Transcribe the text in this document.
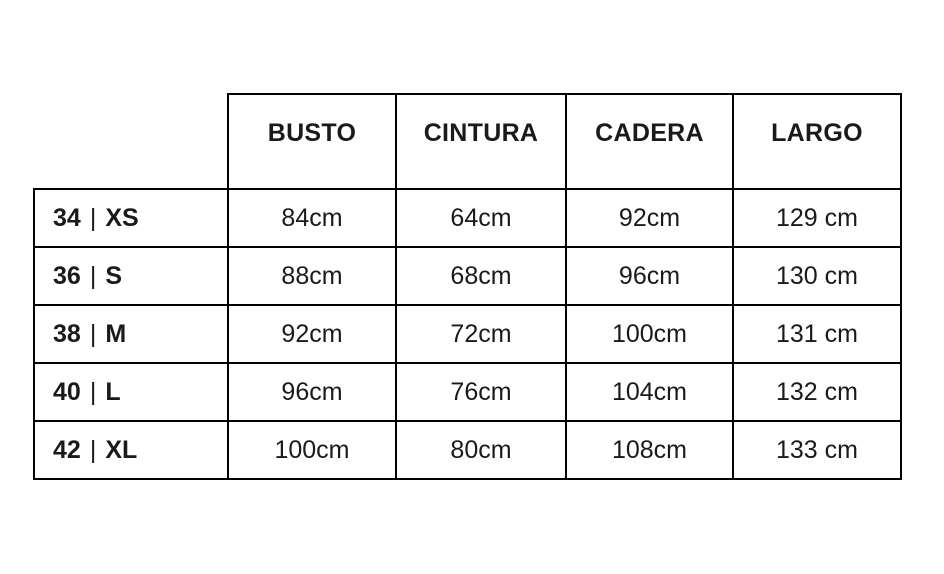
	BUSTO	CINTURA	CADERA	LARGO
34 | XS	84cm	64cm	92cm	129 cm
36 | S	88cm	68cm	96cm	130 cm
38 | M	92cm	72cm	100cm	131 cm
40 | L	96cm	76cm	104cm	132 cm
42 | XL	100cm	80cm	108cm	133 cm
